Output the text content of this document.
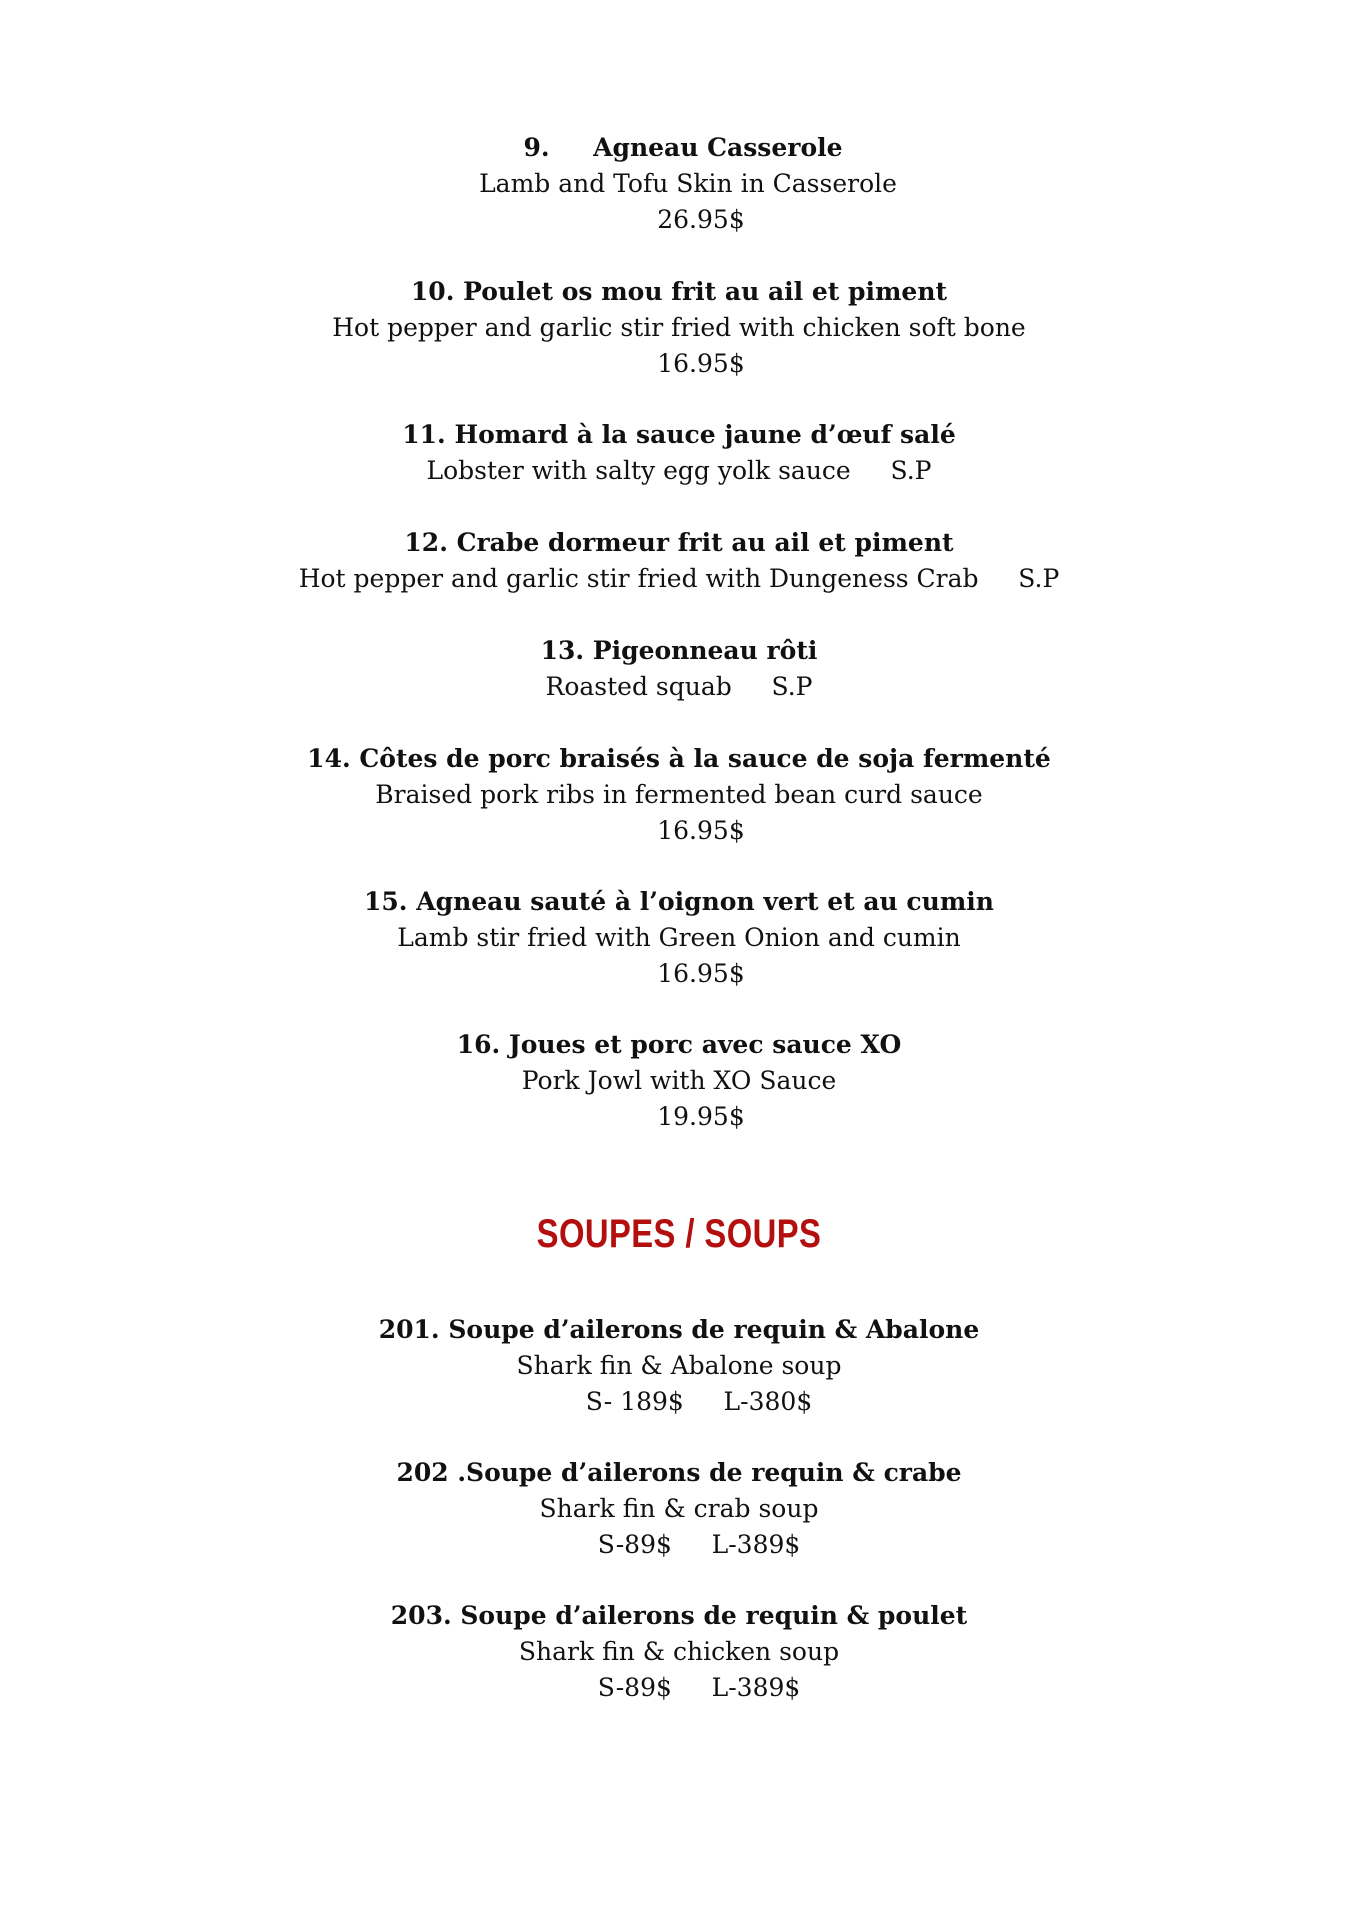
9.     Agneau Casserole
Lamb and Tofu Skin in Casserole
26.95$
10. Poulet os mou frit au ail et piment
Hot pepper and garlic stir fried with chicken soft bone
16.95$
11. Homard à la sauce jaune d’œuf salé
Lobster with salty egg yolk sauce     S.P
12. Crabe dormeur frit au ail et piment
Hot pepper and garlic stir fried with Dungeness Crab     S.P
13. Pigeonneau rôti
Roasted squab     S.P
14. Côtes de porc braisés à la sauce de soja fermenté
Braised pork ribs in fermented bean curd sauce
16.95$
15. Agneau sauté à l’oignon vert et au cumin
Lamb stir fried with Green Onion and cumin
16.95$
16. Joues et porc avec sauce XO
Pork Jowl with XO Sauce
19.95$
SOUPES / SOUPS
201. Soupe d’ailerons de requin & Abalone
Shark fin & Abalone soup
S- 189$     L-380$
202 .Soupe d’ailerons de requin & crabe
Shark fin & crab soup
S-89$     L-389$
203. Soupe d’ailerons de requin & poulet
Shark fin & chicken soup
S-89$     L-389$
